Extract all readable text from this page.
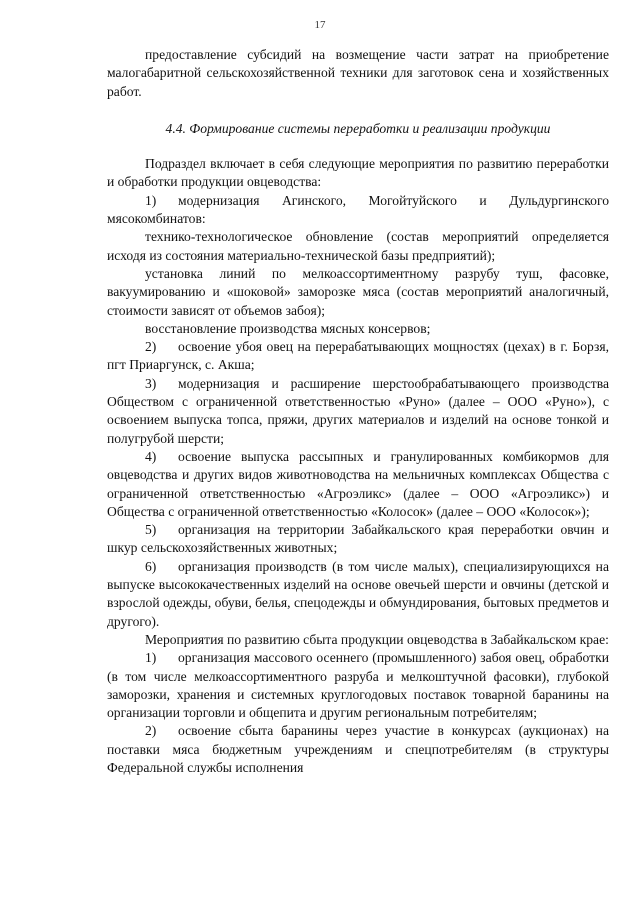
17

предоставление субсидий на возмещение части затрат на приобретение малогабаритной сельскохозяйственной техники для заготовок сена и хозяйственных работ.

4.4. Формирование системы переработки и реализации продукции

Подраздел включает в себя следующие мероприятия по развитию переработки и обработки продукции овцеводства:

1) модернизация Агинского, Могойтуйского и Дульдургинского мясокомбинатов:

технико-технологическое обновление (состав мероприятий определяется исходя из состояния материально-технической базы предприятий);

установка линий по мелкоассортиментному разрубу туш, фасовке, вакуумированию и «шоковой» заморозке мяса (состав мероприятий аналогичный, стоимости зависят от объемов забоя);

восстановление производства мясных консервов;

2) освоение убоя овец на перерабатывающих мощностях (цехах) в г. Борзя, пгт Приаргунск, с. Акша;

3) модернизация и расширение шерстообрабатывающего производства Обществом с ограниченной ответственностью «Руно» (далее – ООО «Руно»), с освоением выпуска топса, пряжи, других материалов и изделий на основе тонкой и полугрубой шерсти;

4) освоение выпуска рассыпных и гранулированных комбикормов для овцеводства и других видов животноводства на мельничных комплексах Общества с ограниченной ответственностью «Агроэликс» (далее – ООО «Агроэликс») и Общества с ограниченной ответственностью «Колосок» (далее – ООО «Колосок»);

5) организация на территории Забайкальского края переработки овчин и шкур сельскохозяйственных животных;

6) организация производств (в том числе малых), специализирующихся на выпуске высококачественных изделий на основе овечьей шерсти и овчины (детской и взрослой одежды, обуви, белья, спецодежды и обмундирования, бытовых предметов и другого).

Мероприятия по развитию сбыта продукции овцеводства в Забайкальском крае:

1) организация массового осеннего (промышленного) забоя овец, обработки (в том числе мелкоассортиментного разруба и мелкоштучной фасовки), глубокой заморозки, хранения и системных круглогодовых поставок товарной баранины на организации торговли и общепита и другим региональным потребителям;

2) освоение сбыта баранины через участие в конкурсах (аукционах) на поставки мяса бюджетным учреждениям и спецпотребителям (в структуры Федеральной службы исполнения
